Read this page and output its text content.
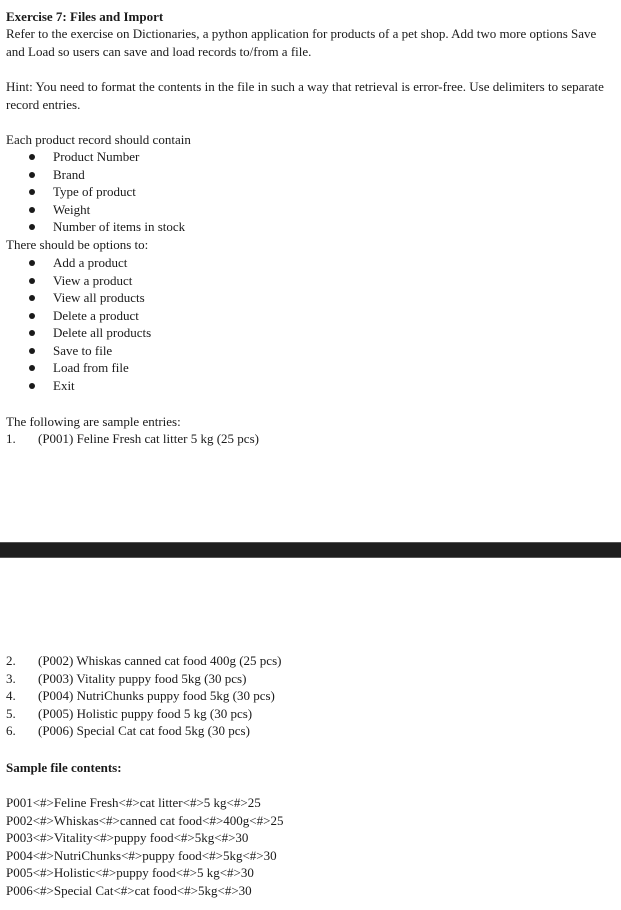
Exercise 7: Files and Import
Refer to the exercise on Dictionaries, a python application for products of a pet shop. Add two more options Save and Load so users can save and load records to/from a file.
Hint: You need to format the contents in the file in such a way that retrieval is error-free. Use delimiters to separate record entries.
Each product record should contain
Product Number
Brand
Type of product
Weight
Number of items in stock
There should be options to:
Add a product
View a product
View all products
Delete a product
Delete all products
Save to file
Load from file
Exit
The following are sample entries:
1. (P001) Feline Fresh cat litter 5 kg (25 pcs)
2. (P002) Whiskas canned cat food 400g (25 pcs)
3. (P003) Vitality puppy food 5kg (30 pcs)
4. (P004) NutriChunks puppy food 5kg (30 pcs)
5. (P005) Holistic puppy food 5 kg (30 pcs)
6. (P006) Special Cat cat food 5kg (30 pcs)
Sample file contents:
P001<#>Feline Fresh<#>cat litter<#>5 kg<#>25
P002<#>Whiskas<#>canned cat food<#>400g<#>25
P003<#>Vitality<#>puppy food<#>5kg<#>30
P004<#>NutriChunks<#>puppy food<#>5kg<#>30
P005<#>Holistic<#>puppy food<#>5 kg<#>30
P006<#>Special Cat<#>cat food<#>5kg<#>30
